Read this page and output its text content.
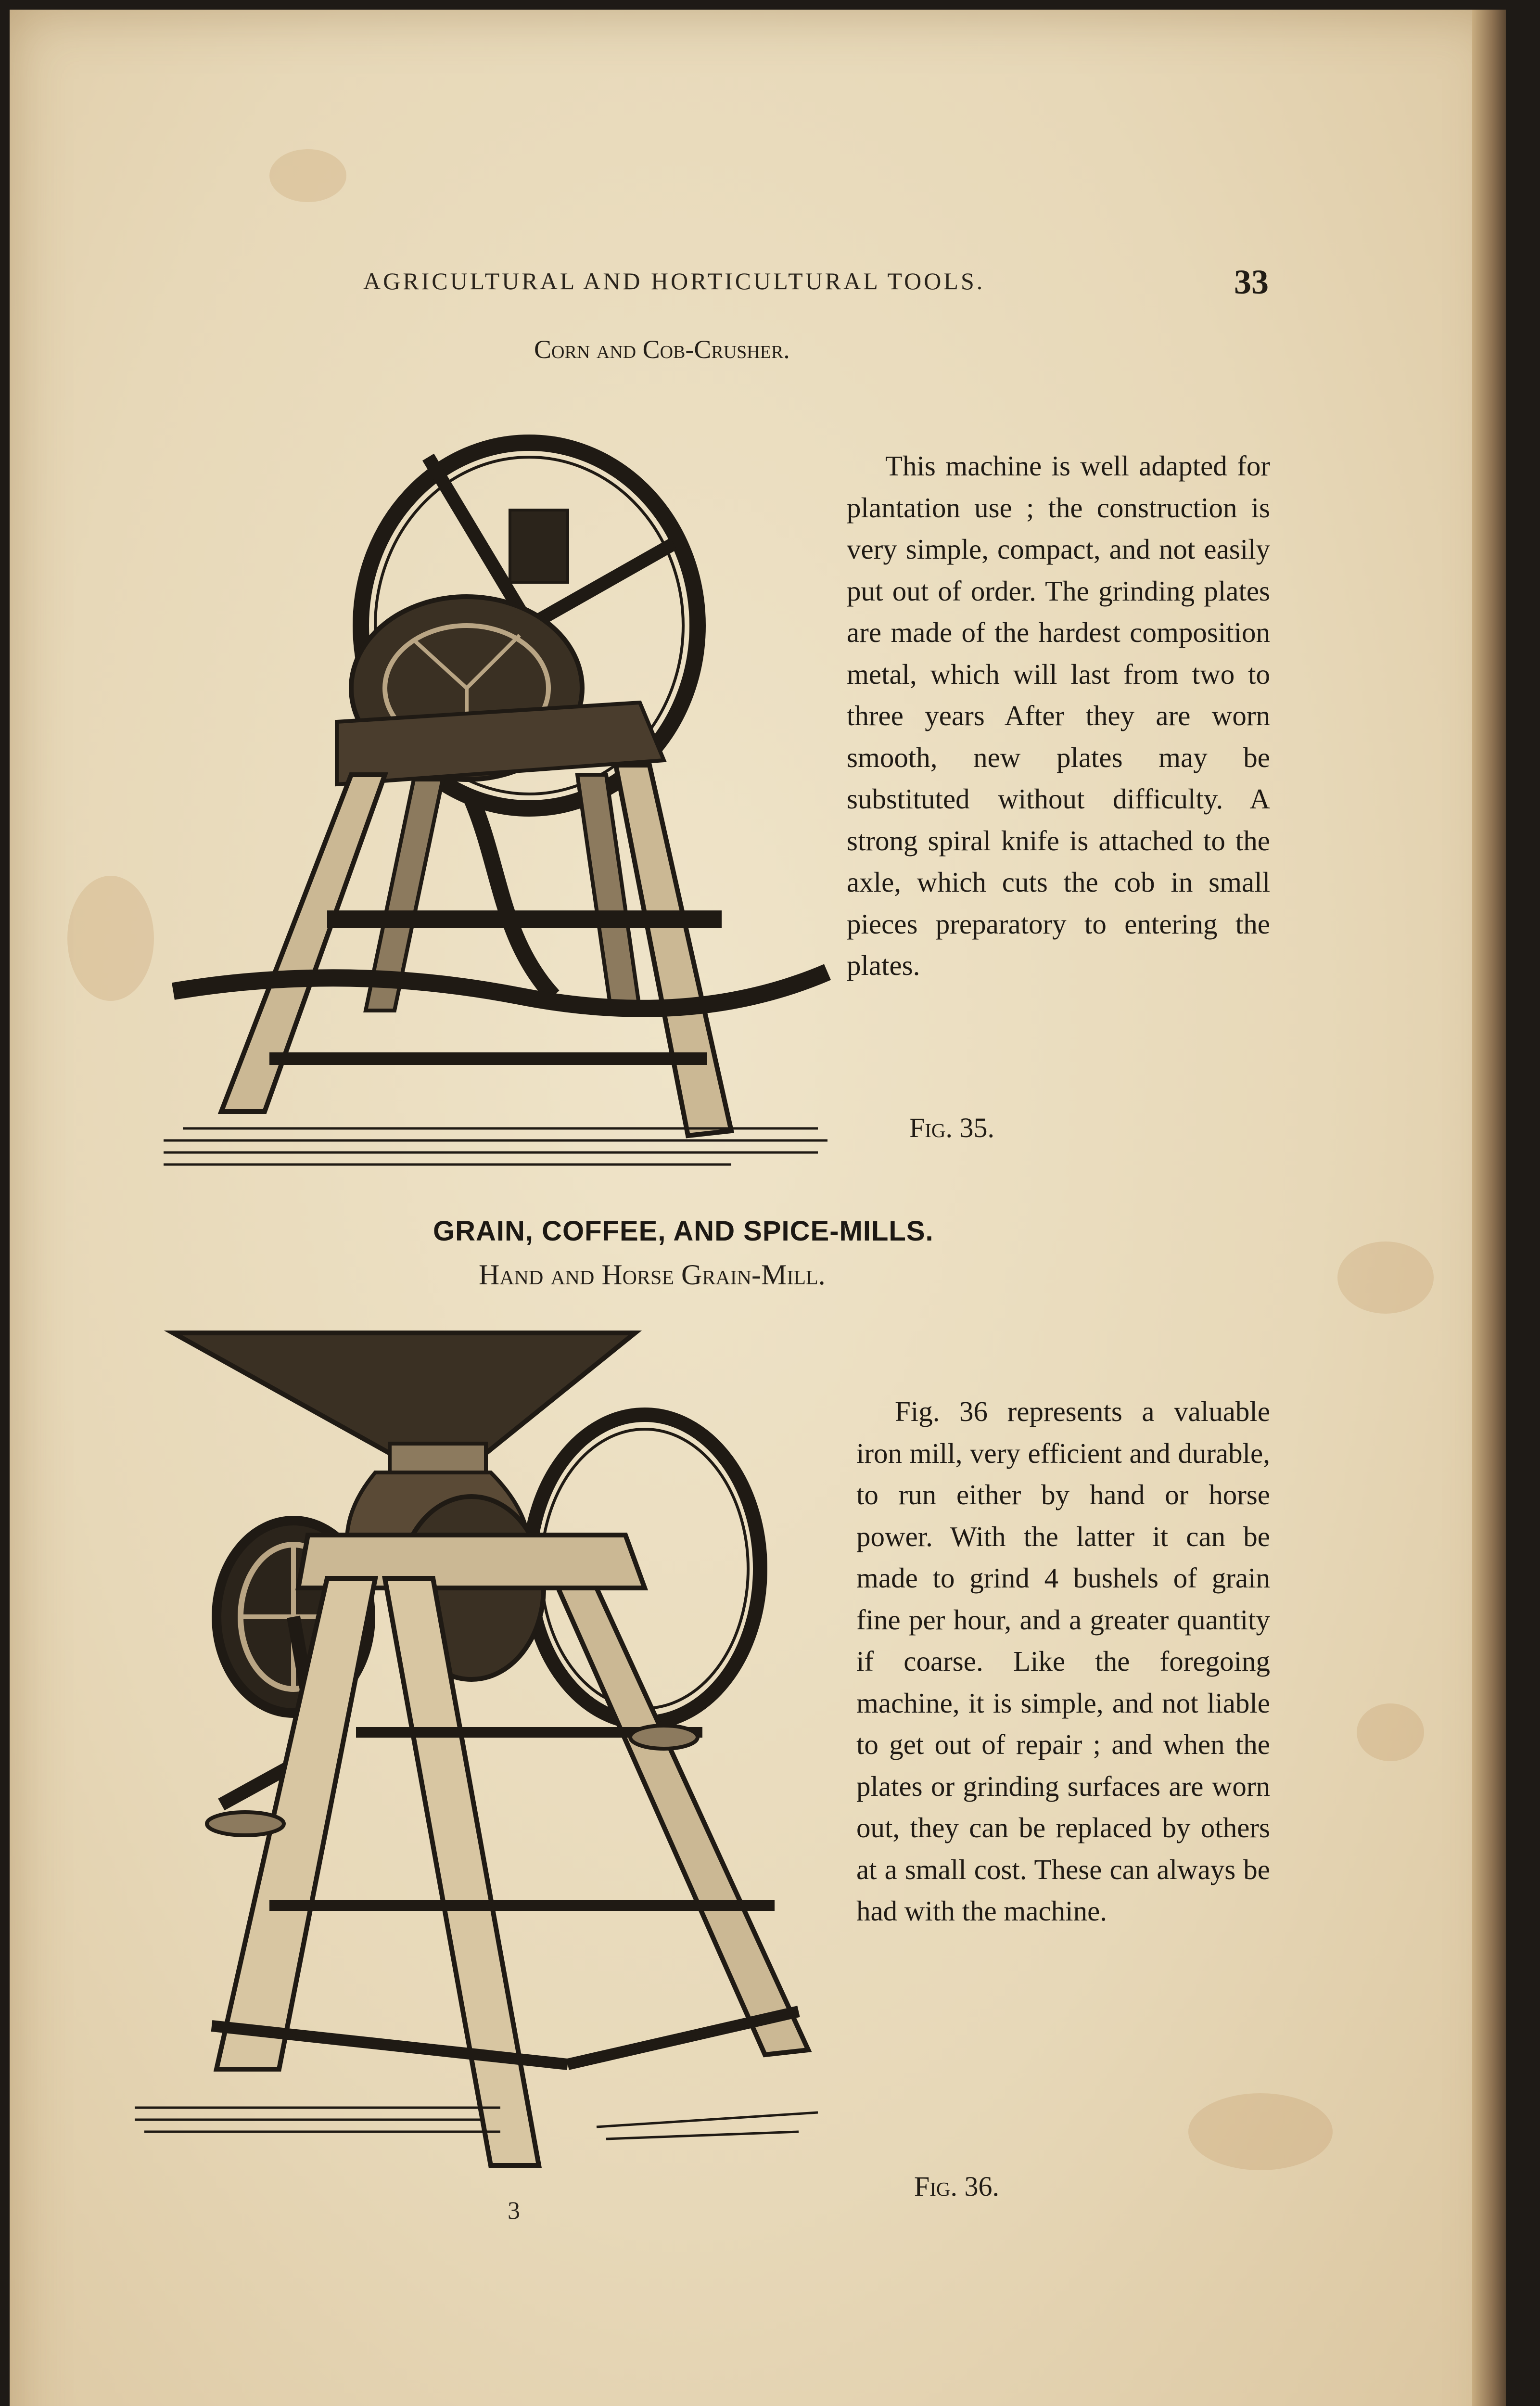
AGRICULTURAL AND HORTICULTURAL TOOLS.	33
Corn and Cob-Crusher.
This machine is well adapted for plantation use ; the construction is very simple, compact, and not easily put out of order. The grinding plates are made of the hardest composition metal, which will last from two to three years After they are worn smooth, new plates may be substituted without difficulty. A strong spiral knife is attached to the axle, which cuts the cob in small pieces preparatory to entering the plates.
Fig. 35.
GRAIN, COFFEE, AND SPICE-MILLS.
Hand and Horse Grain-Mill.
Fig. 36 represents a valuable iron mill, very efficient and durable, to run either by hand or horse power. With the latter it can be made to grind 4 bushels of grain fine per hour, and a greater quantity if coarse. Like the foregoing machine, it is simple, and not liable to get out of repair ; and when the plates or grinding surfaces are worn out, they can be replaced by others at a small cost. These can always be had with the machine.
Fig. 36.
3
